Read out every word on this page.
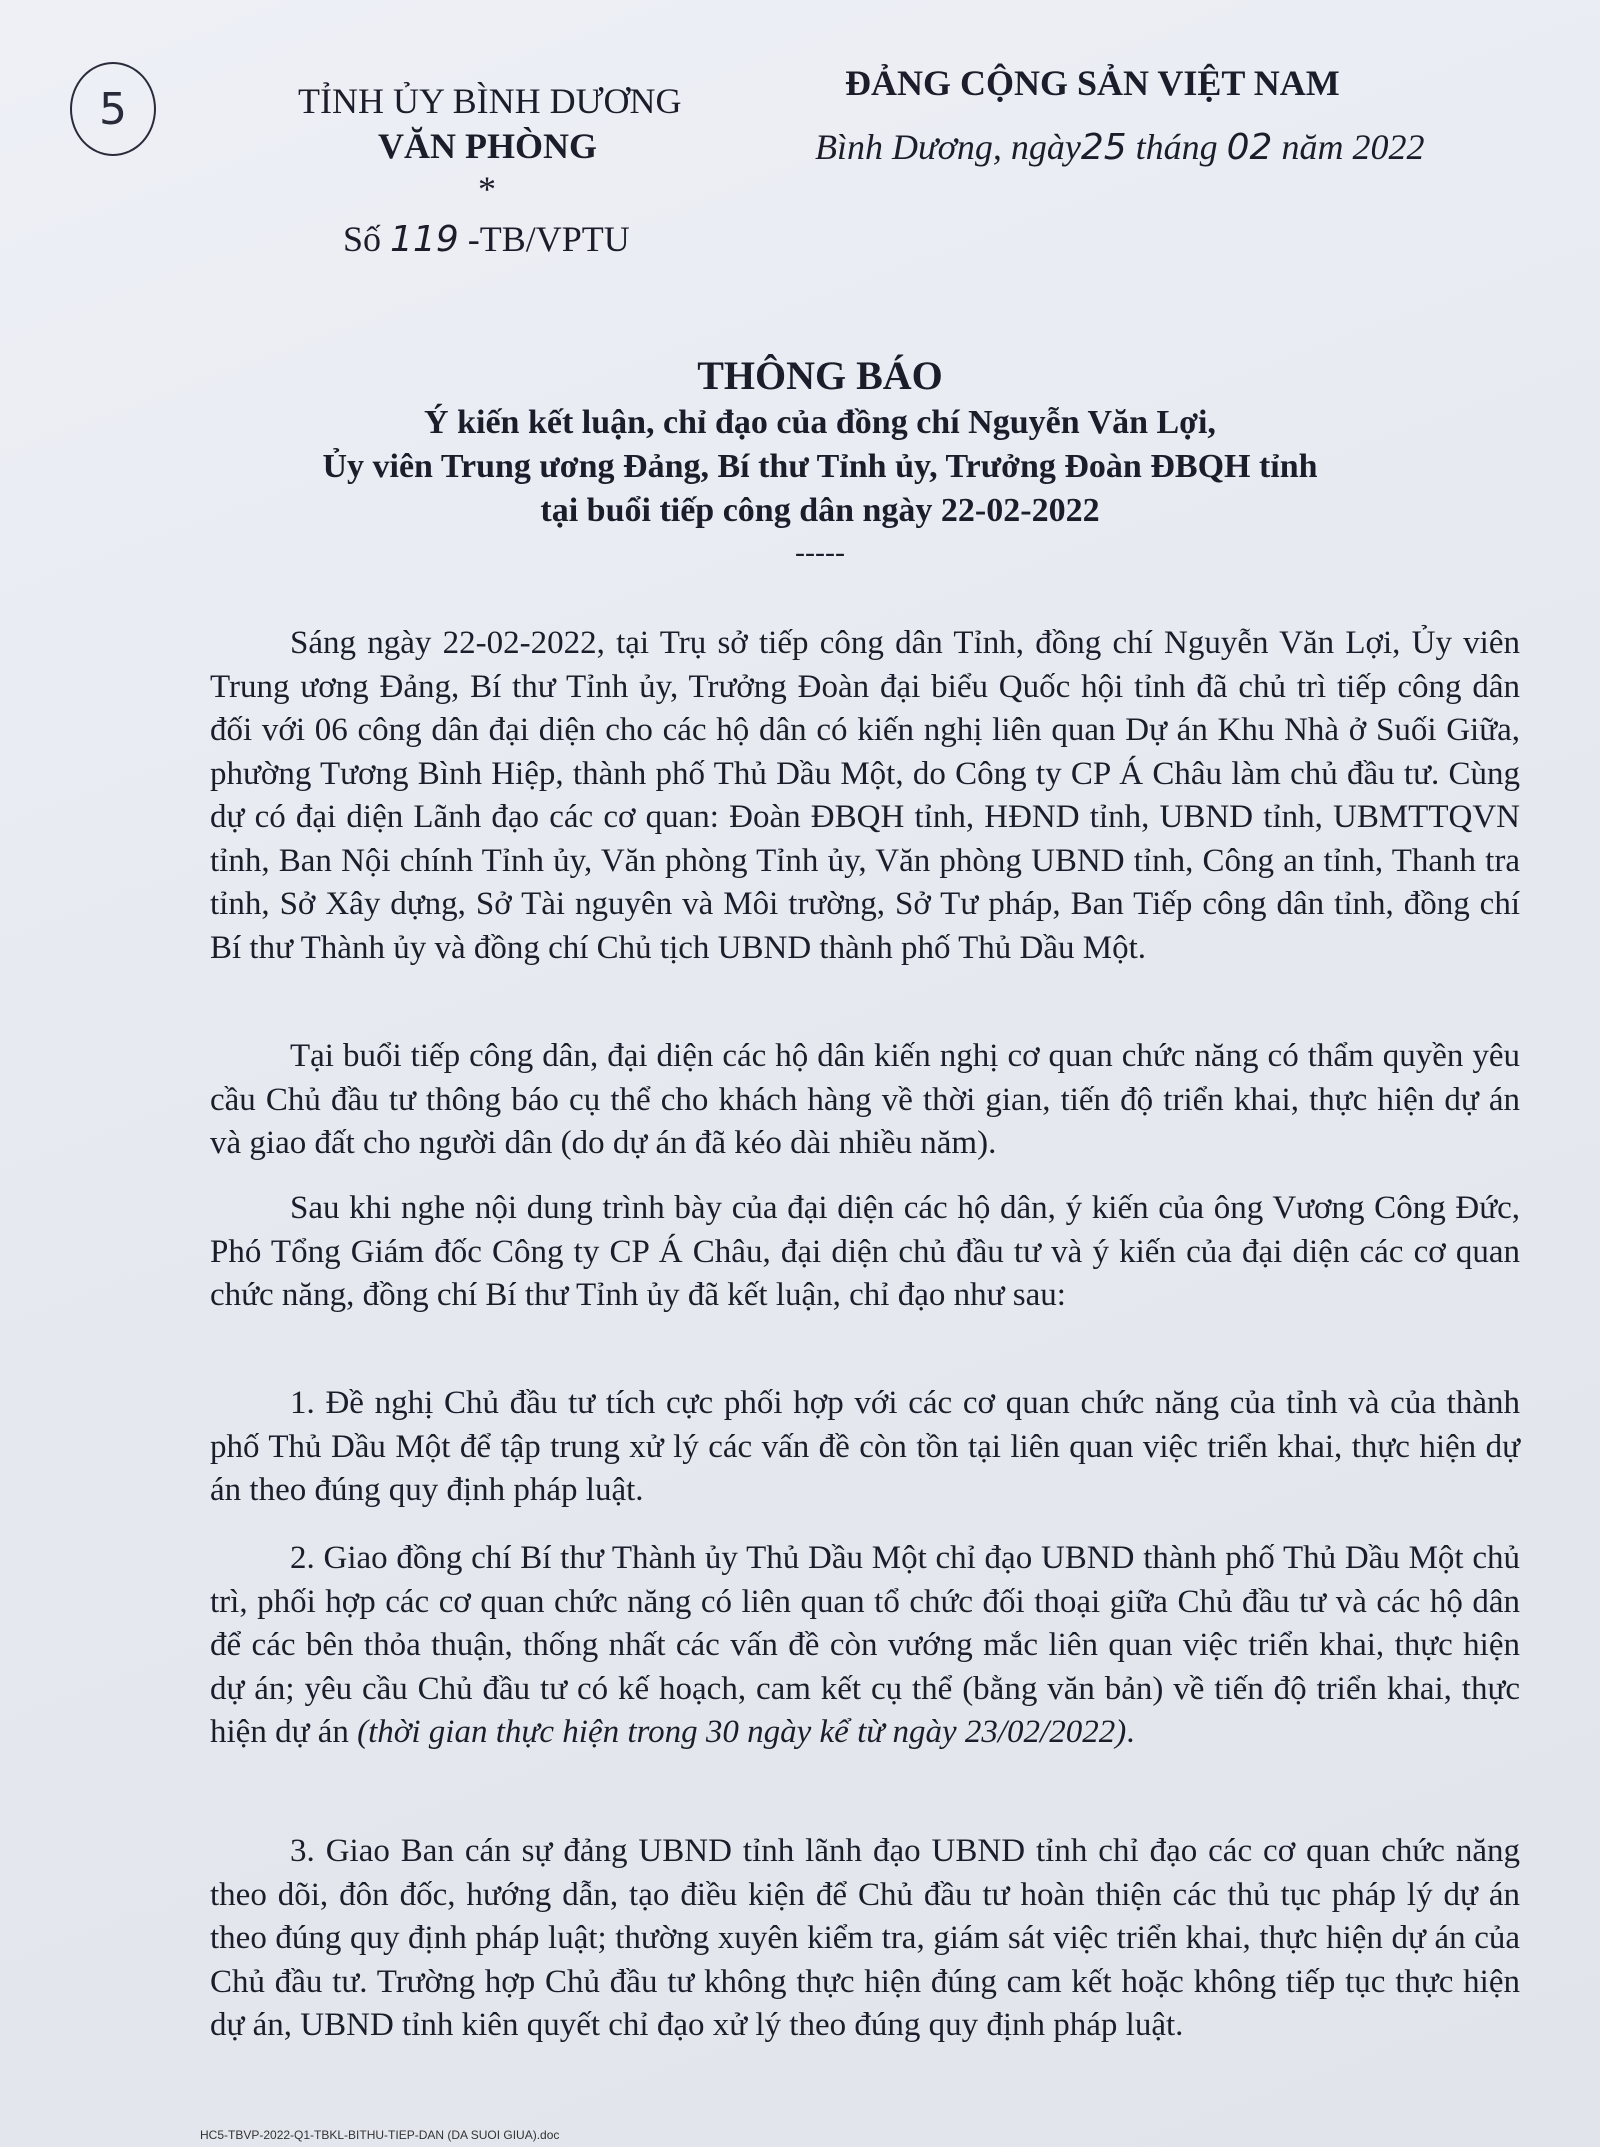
5	TỈNH ỦY BÌNH DƯƠNG
VĂN PHÒNG
*
Số 119 -TB/VPTU
ĐẢNG CỘNG SẢN VIỆT NAM
Bình Dương, ngày25 tháng 02 năm 2022
THÔNG BÁO
Ý kiến kết luận, chỉ đạo của đồng chí Nguyễn Văn Lợi,
Ủy viên Trung ương Đảng, Bí thư Tỉnh ủy, Trưởng Đoàn ĐBQH tỉnh
tại buổi tiếp công dân ngày 22-02-2022
-----
Sáng ngày 22-02-2022, tại Trụ sở tiếp công dân Tỉnh, đồng chí Nguyễn Văn Lợi, Ủy viên Trung ương Đảng, Bí thư Tỉnh ủy, Trưởng Đoàn đại biểu Quốc hội tỉnh đã chủ trì tiếp công dân đối với 06 công dân đại diện cho các hộ dân có kiến nghị liên quan Dự án Khu Nhà ở Suối Giữa, phường Tương Bình Hiệp, thành phố Thủ Dầu Một, do Công ty CP Á Châu làm chủ đầu tư. Cùng dự có đại diện Lãnh đạo các cơ quan: Đoàn ĐBQH tỉnh, HĐND tỉnh, UBND tỉnh, UBMTTQVN tỉnh, Ban Nội chính Tỉnh ủy, Văn phòng Tỉnh ủy, Văn phòng UBND tỉnh, Công an tỉnh, Thanh tra tỉnh, Sở Xây dựng, Sở Tài nguyên và Môi trường, Sở Tư pháp, Ban Tiếp công dân tỉnh, đồng chí Bí thư Thành ủy và đồng chí Chủ tịch UBND thành phố Thủ Dầu Một.
Tại buổi tiếp công dân, đại diện các hộ dân kiến nghị cơ quan chức năng có thẩm quyền yêu cầu Chủ đầu tư thông báo cụ thể cho khách hàng về thời gian, tiến độ triển khai, thực hiện dự án và giao đất cho người dân (do dự án đã kéo dài nhiều năm).
Sau khi nghe nội dung trình bày của đại diện các hộ dân, ý kiến của ông Vương Công Đức, Phó Tổng Giám đốc Công ty CP Á Châu, đại diện chủ đầu tư và ý kiến của đại diện các cơ quan chức năng, đồng chí Bí thư Tỉnh ủy đã kết luận, chỉ đạo như sau:
1. Đề nghị Chủ đầu tư tích cực phối hợp với các cơ quan chức năng của tỉnh và của thành phố Thủ Dầu Một để tập trung xử lý các vấn đề còn tồn tại liên quan việc triển khai, thực hiện dự án theo đúng quy định pháp luật.
2. Giao đồng chí Bí thư Thành ủy Thủ Dầu Một chỉ đạo UBND thành phố Thủ Dầu Một chủ trì, phối hợp các cơ quan chức năng có liên quan tổ chức đối thoại giữa Chủ đầu tư và các hộ dân để các bên thỏa thuận, thống nhất các vấn đề còn vướng mắc liên quan việc triển khai, thực hiện dự án; yêu cầu Chủ đầu tư có kế hoạch, cam kết cụ thể (bằng văn bản) về tiến độ triển khai, thực hiện dự án (thời gian thực hiện trong 30 ngày kể từ ngày 23/02/2022).
3. Giao Ban cán sự đảng UBND tỉnh lãnh đạo UBND tỉnh chỉ đạo các cơ quan chức năng theo dõi, đôn đốc, hướng dẫn, tạo điều kiện để Chủ đầu tư hoàn thiện các thủ tục pháp lý dự án theo đúng quy định pháp luật; thường xuyên kiểm tra, giám sát việc triển khai, thực hiện dự án của Chủ đầu tư. Trường hợp Chủ đầu tư không thực hiện đúng cam kết hoặc không tiếp tục thực hiện dự án, UBND tỉnh kiên quyết chỉ đạo xử lý theo đúng quy định pháp luật.
HC5-TBVP-2022-Q1-TBKL-BITHU-TIEP-DAN (DA SUOI GIUA).doc
